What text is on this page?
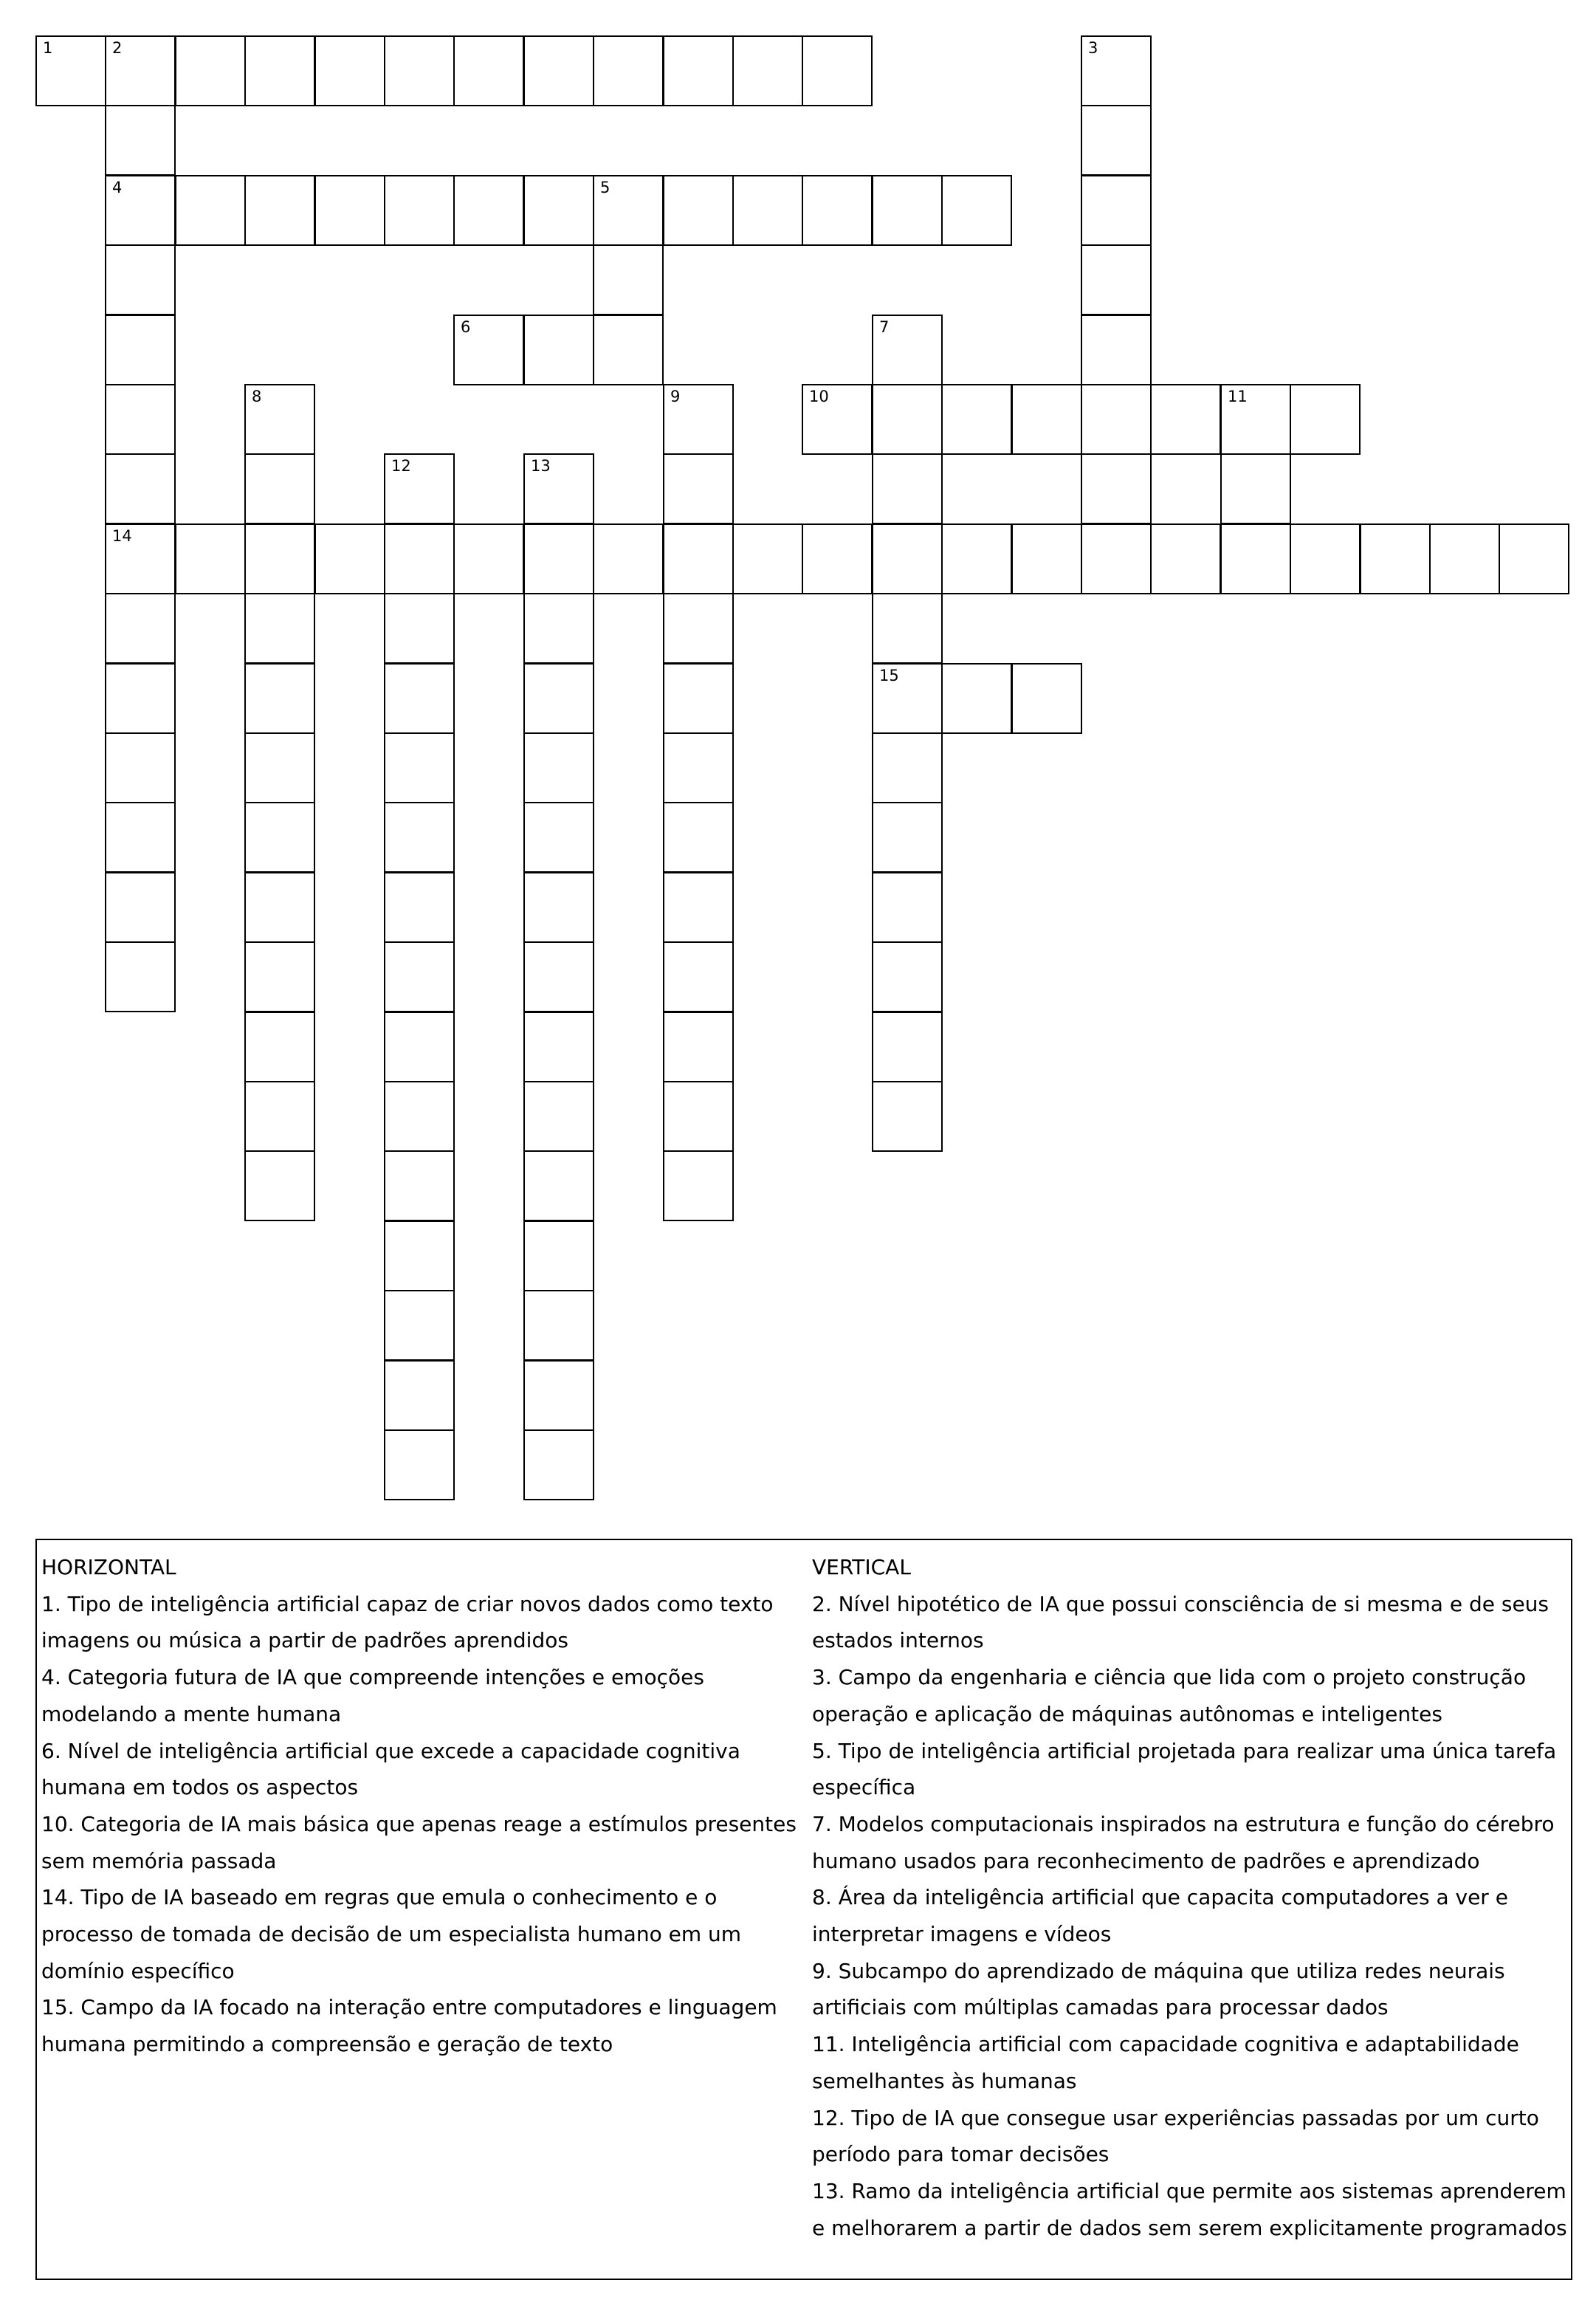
1	2
4
14
3
5
6	7
15
8	9	10	11
12	13
HORIZONTAL

1. Tipo de inteligência artificial capaz de criar novos dados como texto imagens ou música a partir de padrões aprendidos

4. Categoria futura de IA que compreende intenções e emoções modelando a mente humana

6. Nível de inteligência artificial que excede a capacidade cognitiva humana em todos os aspectos

10. Categoria de IA mais básica que apenas reage a estímulos presentes sem memória passada

14. Tipo de IA baseado em regras que emula o conhecimento e o processo de tomada de decisão de um especialista humano em um domínio específico

15. Campo da IA focado na interação entre computadores e linguagem humana permitindo a compreensão e geração de texto

VERTICAL

2. Nível hipotético de IA que possui consciência de si mesma e de seus estados internos

3. Campo da engenharia e ciência que lida com o projeto construção operação e aplicação de máquinas autônomas e inteligentes

5. Tipo de inteligência artificial projetada para realizar uma única tarefa específica

7. Modelos computacionais inspirados na estrutura e função do cérebro humano usados para reconhecimento de padrões e aprendizado

8. Área da inteligência artificial que capacita computadores a ver e interpretar imagens e vídeos

9. Subcampo do aprendizado de máquina que utiliza redes neurais artificiais com múltiplas camadas para processar dados

11. Inteligência artificial com capacidade cognitiva e adaptabilidade semelhantes às humanas

12. Tipo de IA que consegue usar experiências passadas por um curto período para tomar decisões

13. Ramo da inteligência artificial que permite aos sistemas aprenderem e melhorarem a partir de dados sem serem explicitamente programados
